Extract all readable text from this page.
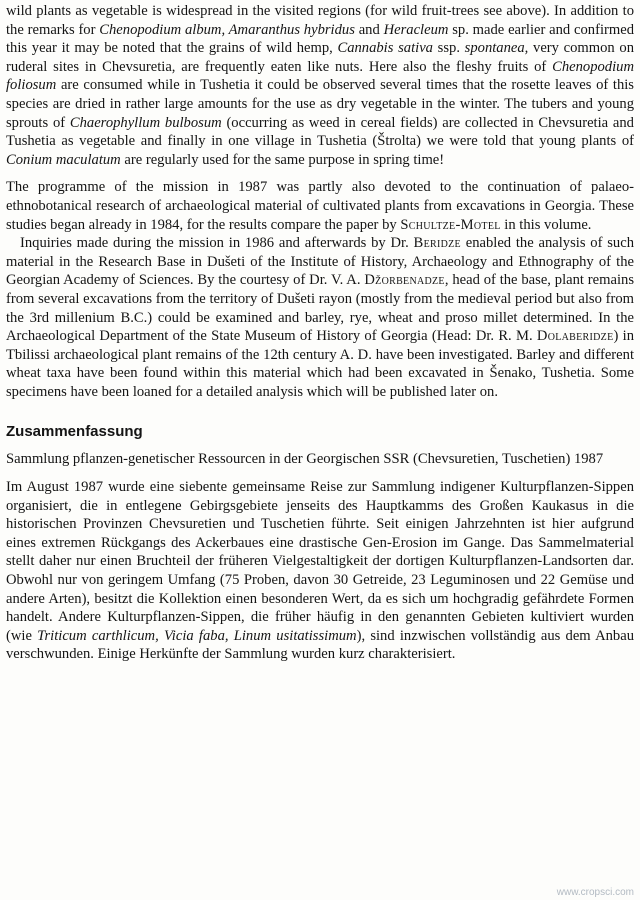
wild plants as vegetable is widespread in the visited regions (for wild fruit-trees see above). In addition to the remarks for Chenopodium album, Amaranthus hybridus and Heracleum sp. made earlier and confirmed this year it may be noted that the grains of wild hemp, Cannabis sativa ssp. spontanea, very common on ruderal sites in Chevsuretia, are frequently eaten like nuts. Here also the fleshy fruits of Chenopodium foliosum are consumed while in Tushetia it could be observed several times that the rosette leaves of this species are dried in rather large amounts for the use as dry vegetable in the winter. The tubers and young sprouts of Chaerophyllum bulbosum (occurring as weed in cereal fields) are collected in Chevsuretia and Tushetia as vegetable and finally in one village in Tushetia (Štrolta) we were told that young plants of Conium maculatum are regularly used for the same purpose in spring time!

The programme of the mission in 1987 was partly also devoted to the continuation of palaeo-ethnobotanical research of archaeological material of cultivated plants from excavations in Georgia. These studies began already in 1984, for the results compare the paper by Schultze-Motel in this volume.

Inquiries made during the mission in 1986 and afterwards by Dr. Beridze enabled the analysis of such material in the Research Base in Dušeti of the Institute of History, Archaeology and Ethnography of the Georgian Academy of Sciences. By the courtesy of Dr. V. A. Džorbenadze, head of the base, plant remains from several excavations from the territory of Dušeti rayon (mostly from the medieval period but also from the 3rd millenium B.C.) could be examined and barley, rye, wheat and proso millet determined. In the Archaeological Department of the State Museum of History of Georgia (Head: Dr. R. M. Dolaberidze) in Tbilissi archaeological plant remains of the 12th century A. D. have been investigated. Barley and different wheat taxa have been found within this material which had been excavated in Šenako, Tushetia. Some specimens have been loaned for a detailed analysis which will be published later on.

Zusammenfassung

Sammlung pflanzen-genetischer Ressourcen in der Georgischen SSR (Chevsuretien, Tuschetien) 1987

Im August 1987 wurde eine siebente gemeinsame Reise zur Sammlung indigener Kulturpflanzen-Sippen organisiert, die in entlegene Gebirgsgebiete jenseits des Hauptkamms des Großen Kaukasus in die historischen Provinzen Chevsuretien und Tuschetien führte. Seit einigen Jahrzehnten ist hier aufgrund eines extremen Rückgangs des Ackerbaues eine drastische Gen-Erosion im Gange. Das Sammelmaterial stellt daher nur einen Bruchteil der früheren Vielgestaltigkeit der dortigen Kulturpflanzen-Landsorten dar. Obwohl nur von geringem Umfang (75 Proben, davon 30 Getreide, 23 Leguminosen und 22 Gemüse und andere Arten), besitzt die Kollektion einen besonderen Wert, da es sich um hochgradig gefährdete Formen handelt. Andere Kulturpflanzen-Sippen, die früher häufig in den genannten Gebieten kultiviert wurden (wie Triticum carthlicum, Vicia faba, Linum usitatissimum), sind inzwischen vollständig aus dem Anbau verschwunden. Einige Herkünfte der Sammlung wurden kurz charakterisiert.

www.cropsci.com
